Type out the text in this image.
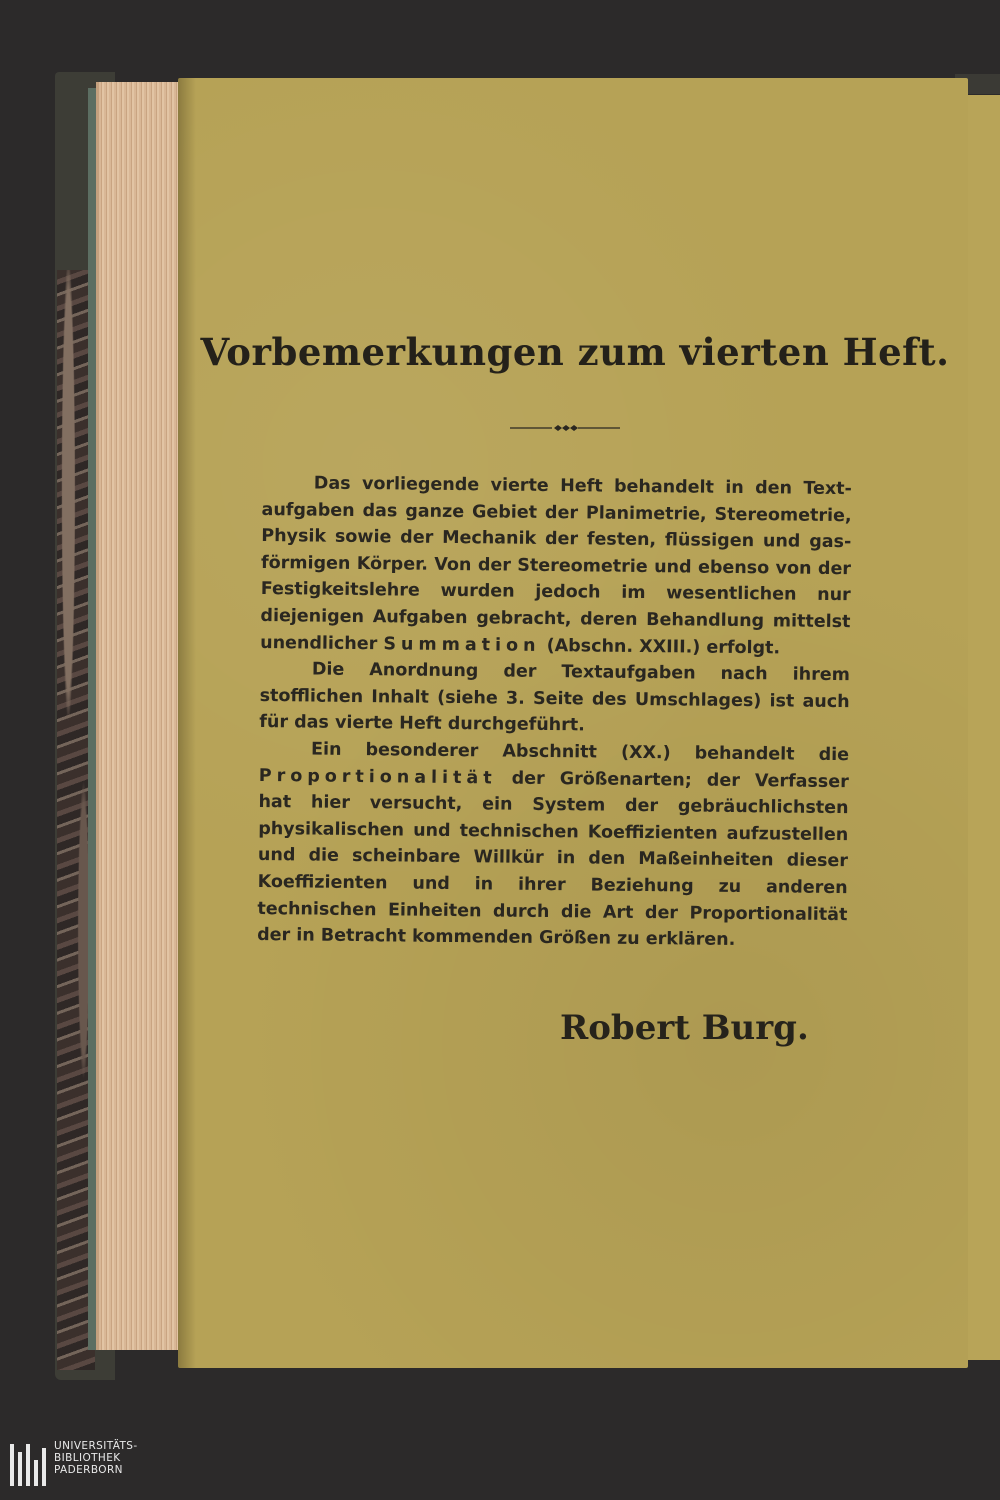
Vorbemerkungen zum vierten Heft.

Das vorliegende vierte Heft behandelt in den Text- aufgaben das ganze Gebiet der Planimetrie, Stereometrie, Physik sowie der Mechanik der festen, flüssigen und gas- förmigen Körper. Von der Stereometrie und ebenso von der Festigkeitslehre wurden jedoch im wesentlichen nur diejenigen Aufgaben gebracht, deren Behandlung mittelst unendlicher Summation (Abschn. XXIII.) erfolgt.

Die Anordnung der Textaufgaben nach ihrem stofflichen Inhalt (siehe 3. Seite des Umschlages) ist auch für das vierte Heft durchgeführt.

Ein besonderer Abschnitt (XX.) behandelt die Proportionalität der Größenarten; der Verfasser hat hier versucht, ein System der gebräuchlichsten physikalischen und technischen Koeffizienten aufzustellen und die scheinbare Willkür in den Maßeinheiten dieser Koeffizienten und in ihrer Beziehung zu anderen technischen Einheiten durch die Art der Proportionalität der in Betracht kommenden Größen zu erklären.

Robert Burg.
UNIVERSITÄTS-
BIBLIOTHEK
PADERBORN
